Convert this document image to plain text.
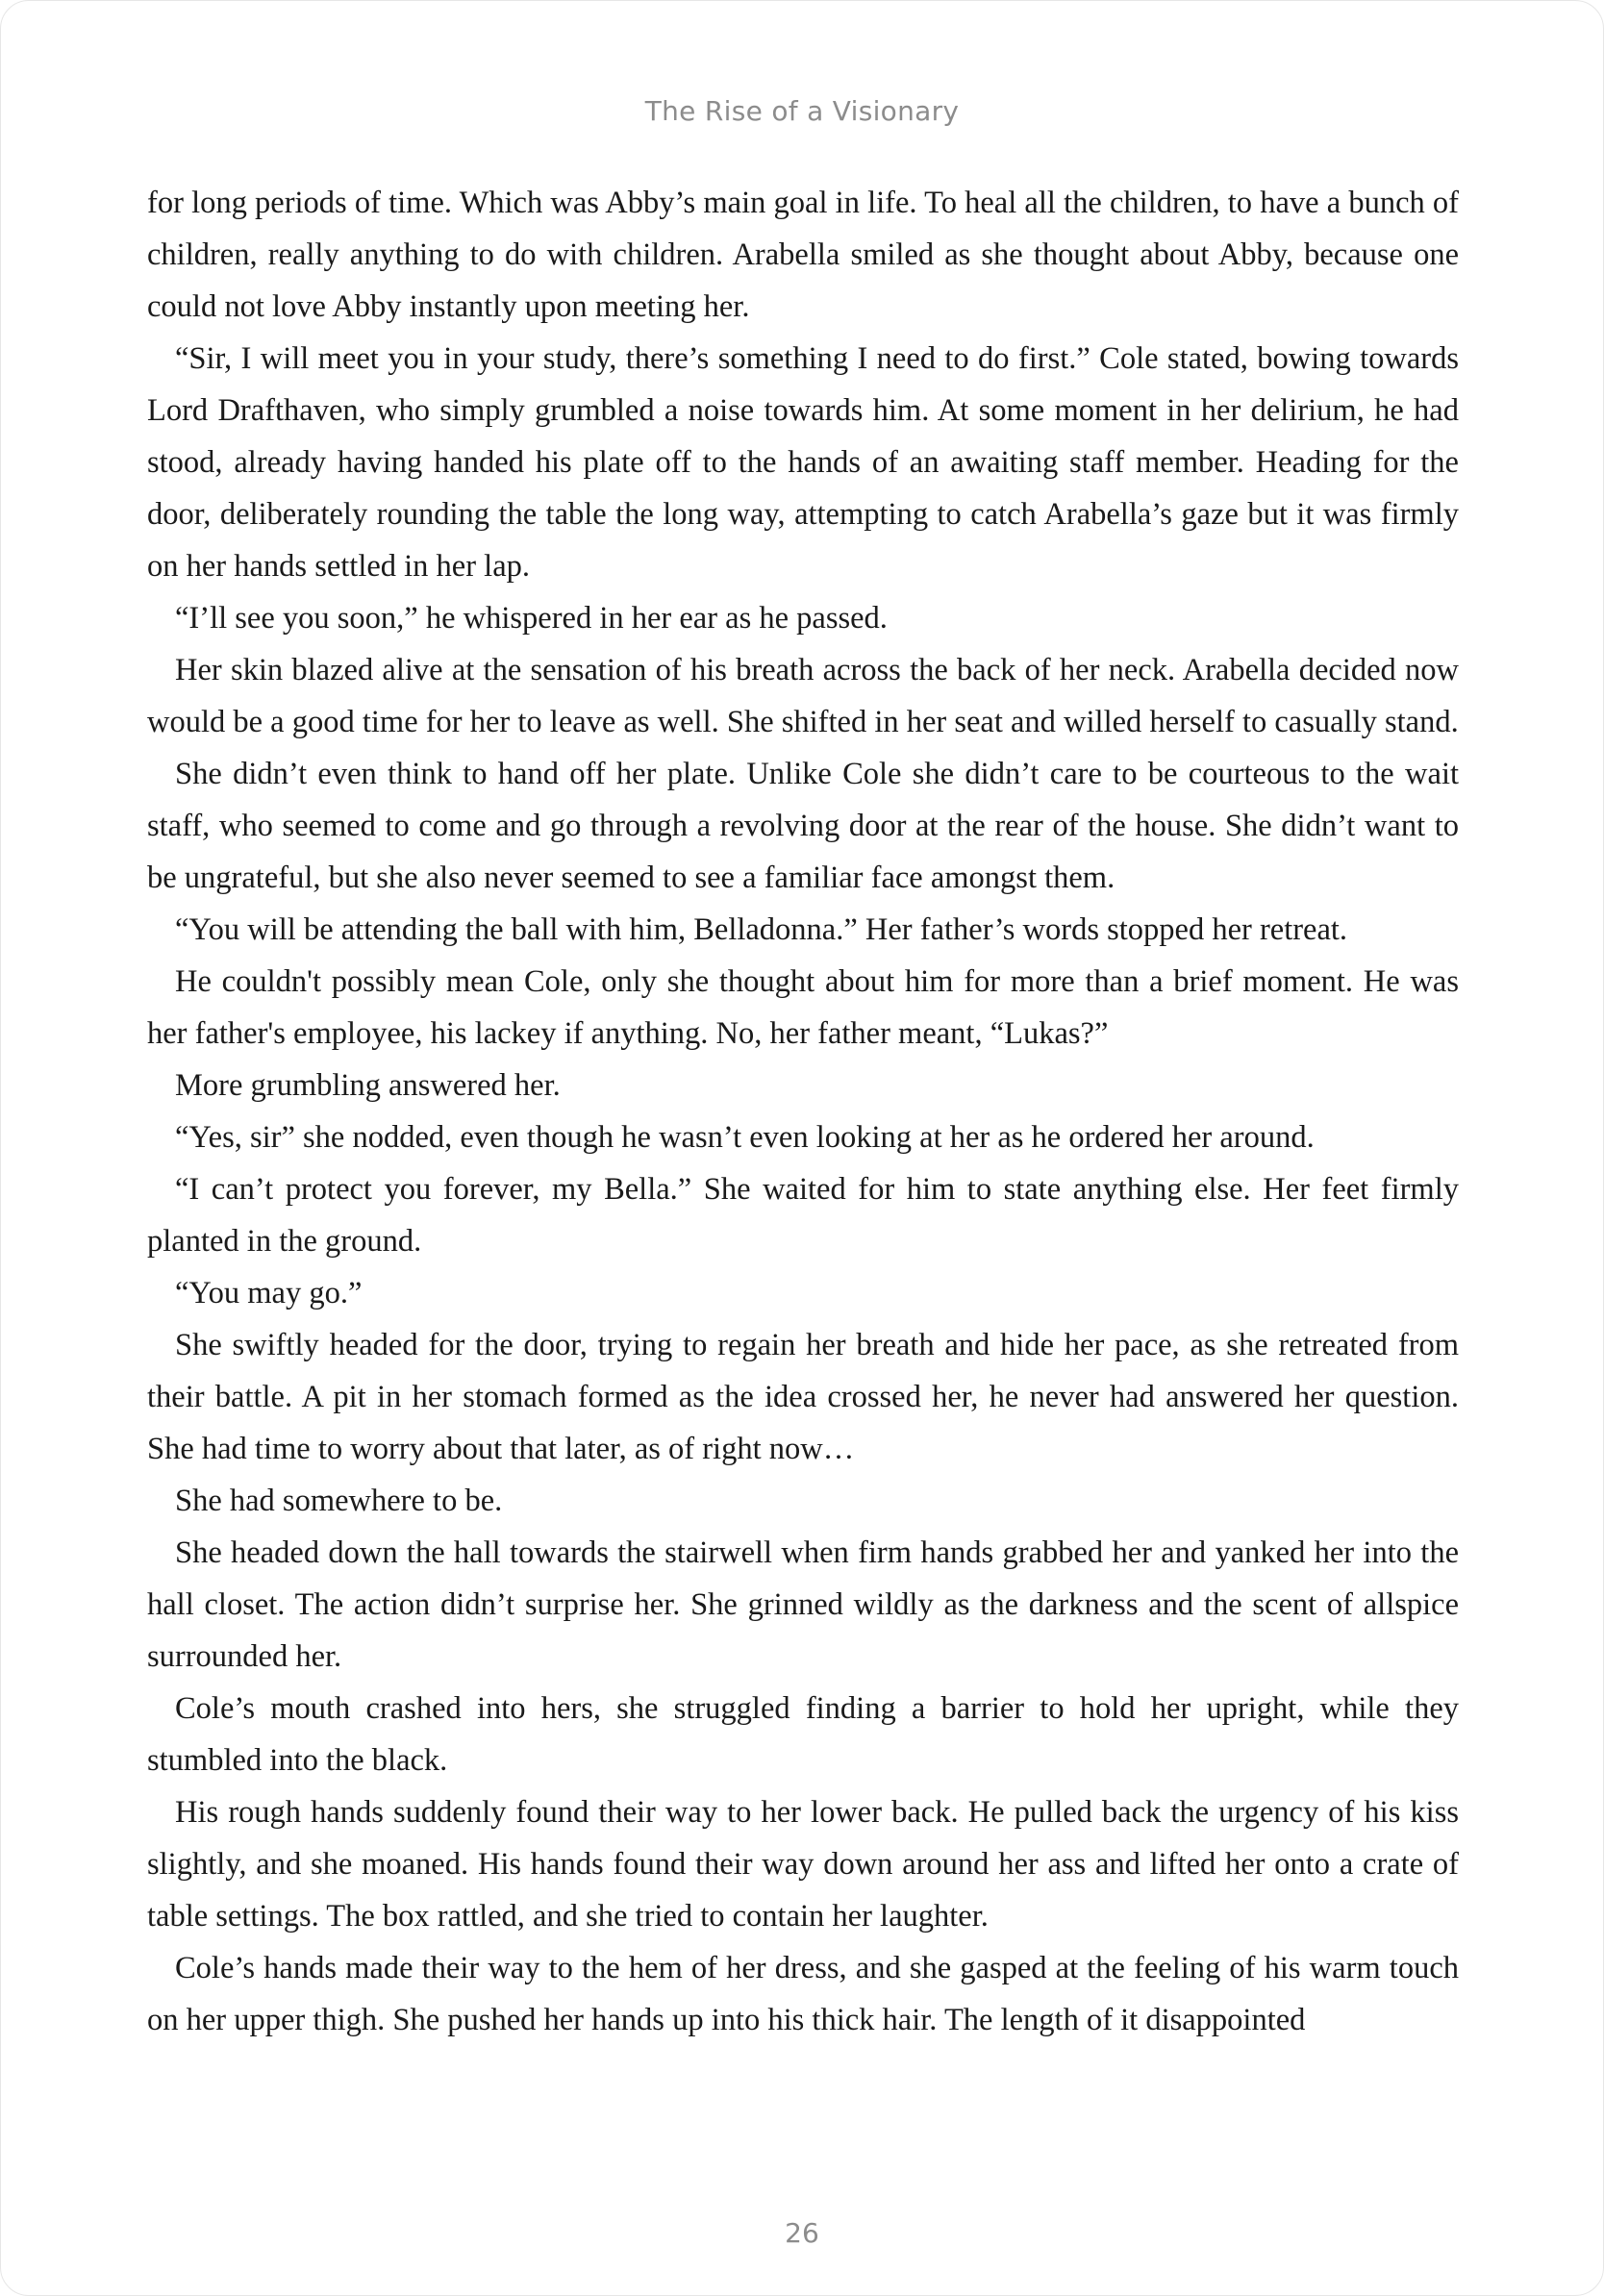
The Rise of a Visionary

for long periods of time. Which was Abby’s main goal in life. To heal all the children, to have a bunch of children, really anything to do with children. Arabella smiled as she thought about Abby, because one could not love Abby instantly upon meeting her.

“Sir, I will meet you in your study, there’s something I need to do first.” Cole stated, bowing towards Lord Drafthaven, who simply grumbled a noise towards him. At some moment in her delirium, he had stood, already having handed his plate off to the hands of an awaiting staff member. Heading for the door, deliberately rounding the table the long way, attempting to catch Arabella’s gaze but it was firmly on her hands settled in her lap.

“I’ll see you soon,” he whispered in her ear as he passed.

Her skin blazed alive at the sensation of his breath across the back of her neck. Arabella decided now would be a good time for her to leave as well. She shifted in her seat and willed herself to casually stand.

She didn’t even think to hand off her plate. Unlike Cole she didn’t care to be courteous to the wait staff, who seemed to come and go through a revolving door at the rear of the house. She didn’t want to be ungrateful, but she also never seemed to see a familiar face amongst them.

“You will be attending the ball with him, Belladonna.” Her father’s words stopped her retreat.

He couldn't possibly mean Cole, only she thought about him for more than a brief moment. He was her father's employee, his lackey if anything. No, her father meant, “Lukas?”

More grumbling answered her.

“Yes, sir” she nodded, even though he wasn’t even looking at her as he ordered her around.

“I can’t protect you forever, my Bella.” She waited for him to state anything else. Her feet firmly planted in the ground.

“You may go.”

She swiftly headed for the door, trying to regain her breath and hide her pace, as she retreated from their battle. A pit in her stomach formed as the idea crossed her, he never had answered her question. She had time to worry about that later, as of right now…

She had somewhere to be.

She headed down the hall towards the stairwell when firm hands grabbed her and yanked her into the hall closet. The action didn’t surprise her. She grinned wildly as the darkness and the scent of allspice surrounded her.

Cole’s mouth crashed into hers, she struggled finding a barrier to hold her upright, while they stumbled into the black.

His rough hands suddenly found their way to her lower back. He pulled back the urgency of his kiss slightly, and she moaned. His hands found their way down around her ass and lifted her onto a crate of table settings. The box rattled, and she tried to contain her laughter.

Cole’s hands made their way to the hem of her dress, and she gasped at the feeling of his warm touch on her upper thigh. She pushed her hands up into his thick hair. The length of it disappointed

26
